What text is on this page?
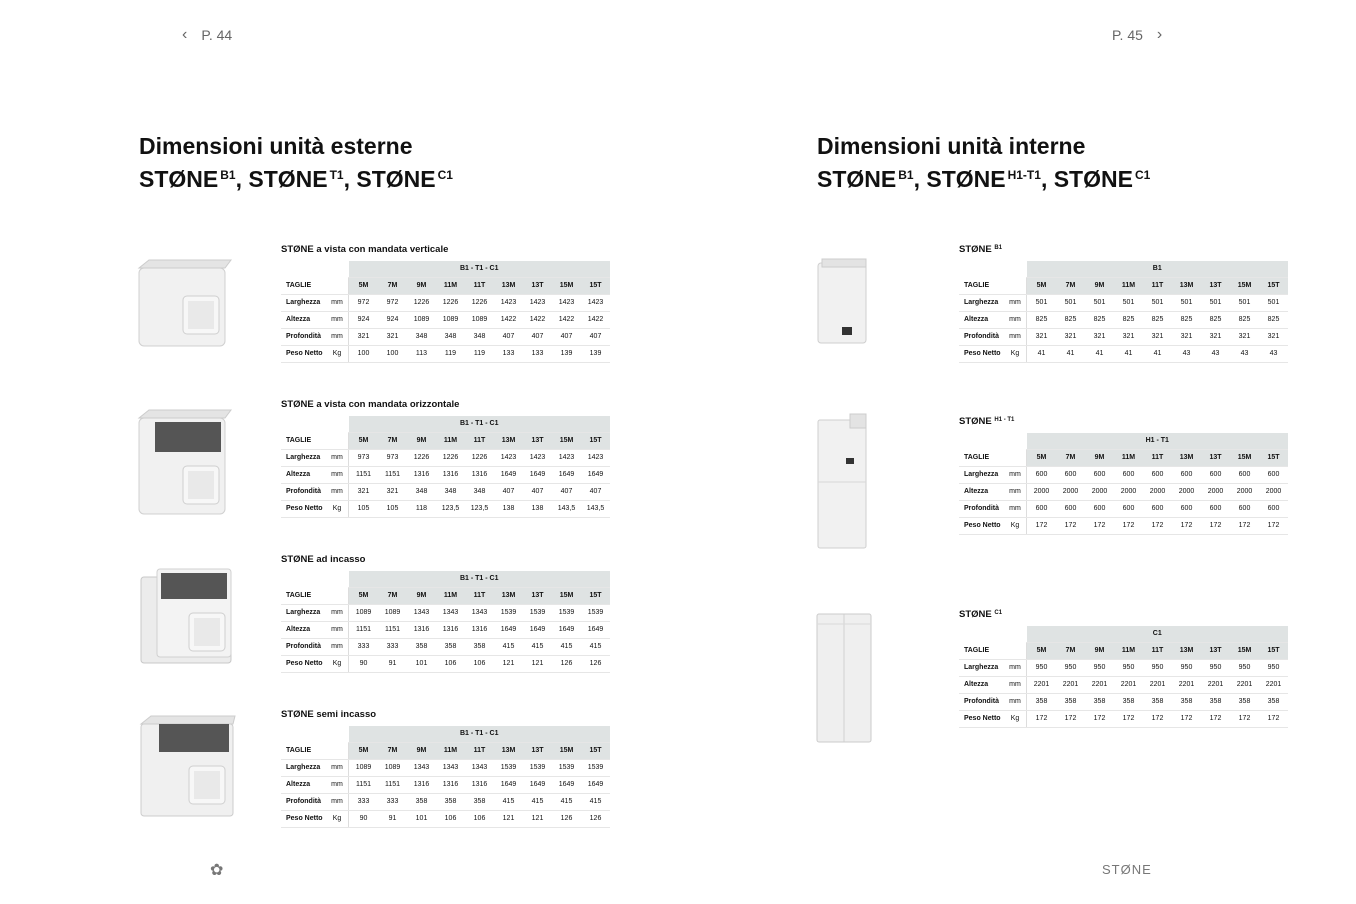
‹ P. 44	P. 45 ›
Dimensioni unità esterne
STØNE $^{B1}$, STØNE $^{T1}$, STØNE $^{C1}$
Dimensioni unità interne
STØNE $^{B1}$, STØNE $^{H1-T1}$, STØNE $^{C1}$
STØNE a vista con mandata verticale
		B1 - T1 - C1								
TAGLIE		5M	7M	9M	11M	11T	13M	13T	15M	15T
Larghezza	mm	972	972	1226	1226	1226	1423	1423	1423	1423
Altezza	mm	924	924	1089	1089	1089	1422	1422	1422	1422
Profondità	mm	321	321	348	348	348	407	407	407	407
Peso Netto	Kg	100	100	113	119	119	133	133	139	139
STØNE a vista con mandata orizzontale
		B1 - T1 - C1								
TAGLIE		5M	7M	9M	11M	11T	13M	13T	15M	15T
Larghezza	mm	973	973	1226	1226	1226	1423	1423	1423	1423
Altezza	mm	1151	1151	1316	1316	1316	1649	1649	1649	1649
Profondità	mm	321	321	348	348	348	407	407	407	407
Peso Netto	Kg	105	105	118	123,5	123,5	138	138	143,5	143,5
STØNE ad incasso
		B1 - T1 - C1								
TAGLIE		5M	7M	9M	11M	11T	13M	13T	15M	15T
Larghezza	mm	1089	1089	1343	1343	1343	1539	1539	1539	1539
Altezza	mm	1151	1151	1316	1316	1316	1649	1649	1649	1649
Profondità	mm	333	333	358	358	358	415	415	415	415
Peso Netto	Kg	90	91	101	106	106	121	121	126	126
STØNE semi incasso
		B1 - T1 - C1								
TAGLIE		5M	7M	9M	11M	11T	13M	13T	15M	15T
Larghezza	mm	1089	1089	1343	1343	1343	1539	1539	1539	1539
Altezza	mm	1151	1151	1316	1316	1316	1649	1649	1649	1649
Profondità	mm	333	333	358	358	358	415	415	415	415
Peso Netto	Kg	90	91	101	106	106	121	121	126	126
STØNE $^{B1}$
		B1								
TAGLIE		5M	7M	9M	11M	11T	13M	13T	15M	15T
Larghezza	mm	501	501	501	501	501	501	501	501	501
Altezza	mm	825	825	825	825	825	825	825	825	825
Profondità	mm	321	321	321	321	321	321	321	321	321
Peso Netto	Kg	41	41	41	41	41	43	43	43	43
STØNE $^{H1 - T1}$
		H1 - T1								
TAGLIE		5M	7M	9M	11M	11T	13M	13T	15M	15T
Larghezza	mm	600	600	600	600	600	600	600	600	600
Altezza	mm	2000	2000	2000	2000	2000	2000	2000	2000	2000
Profondità	mm	600	600	600	600	600	600	600	600	600
Peso Netto	Kg	172	172	172	172	172	172	172	172	172
STØNE $^{C1}$
		C1								
TAGLIE		5M	7M	9M	11M	11T	13M	13T	15M	15T
Larghezza	mm	950	950	950	950	950	950	950	950	950
Altezza	mm	2201	2201	2201	2201	2201	2201	2201	2201	2201
Profondità	mm	358	358	358	358	358	358	358	358	358
Peso Netto	Kg	172	172	172	172	172	172	172	172	172
✿	STØNE
